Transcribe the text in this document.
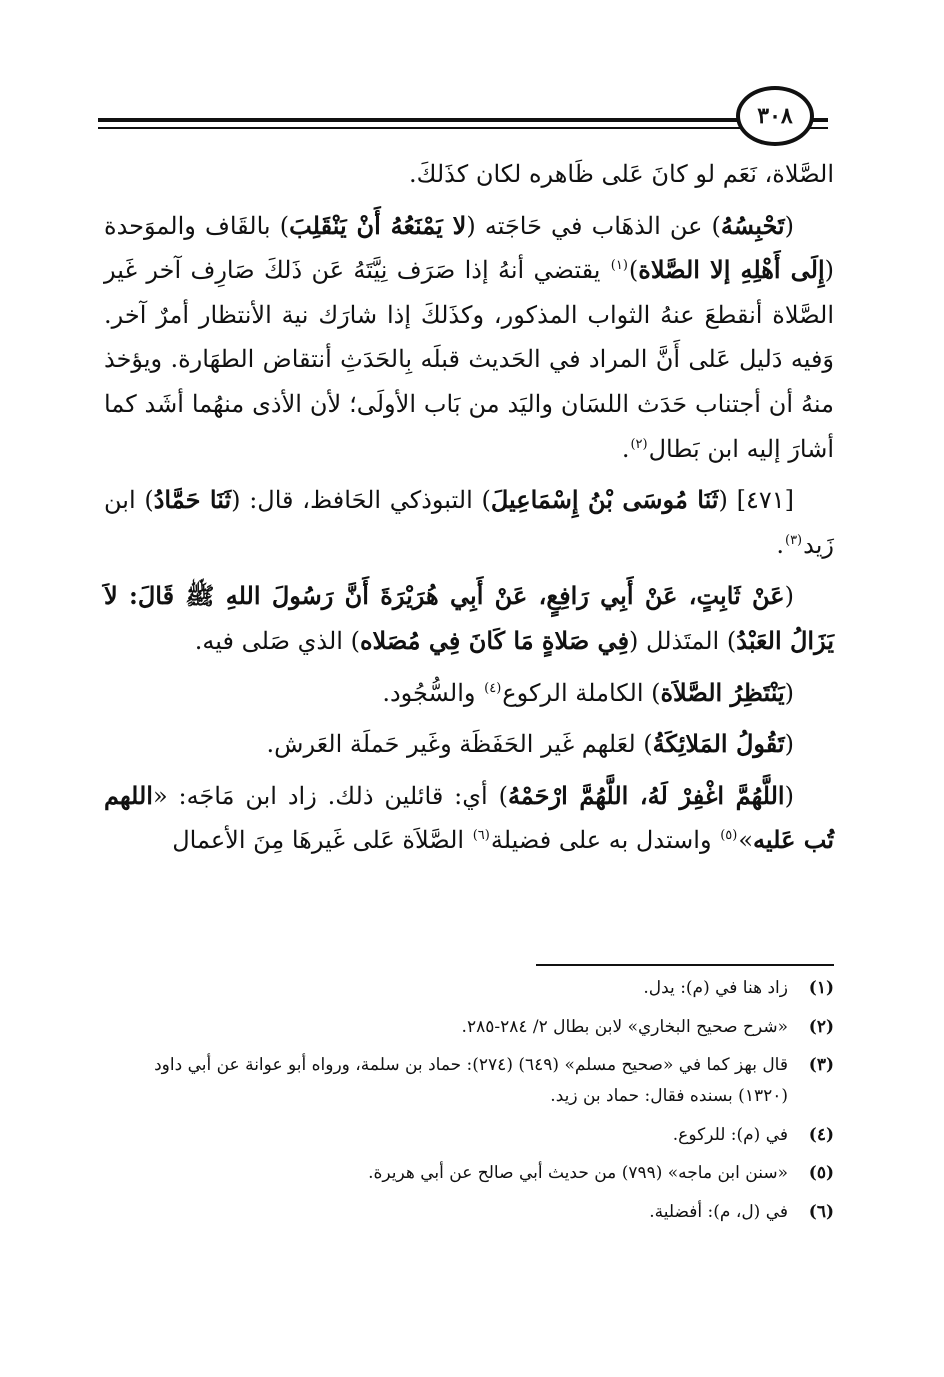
٣٠٨

الصَّلاة، نَعَم لو كانَ عَلى ظَاهره لكان كذَلكَ.

(تَحْبِسُهُ) عن الذهَاب في حَاجَته (لا يَمْنَعُهُ أَنْ يَنْقَلِبَ) بالقَاف والموَحدة (إِلَى أَهْلِهِ إلا الصَّلاة)$^{(١)}$ يقتضي أنهُ إذا صَرَف نِيَّتَهُ عَن ذَلكَ صَارِف آخر غَير الصَّلاة أنقطعَ عنهُ الثواب المذكور، وكذَلكَ إذا شارَك نية الأنتظار أمرٌ آخر. وَفيه دَليل عَلى أَنَّ المراد في الحَديث قبلَه بِالحَدَثِ أنتقاض الطهَارة. ويؤخذ منهُ أن أجتناب حَدَث اللسَان واليَد من بَاب الأولَى؛ لأن الأذى منهُما أشَد كما أشارَ إليه ابن بَطال$^{(٢)}$.

[٤٧١] (ثَنَا مُوسَى بْنُ إِسْمَاعِيلَ) التبوذكي الحَافظ، قال: (ثَنَا حَمَّادُ) ابن زَيد$^{(٣)}$.

(عَنْ ثَابِتٍ، عَنْ أَبِي رَافِعٍ، عَنْ أَبِي هُرَيْرَةَ أَنَّ رَسُولَ اللهِ ﷺ قَالَ: لاَ يَزَالُ العَبْدُ) المتَذلل (فِي صَلاةٍ مَا كَانَ فِي مُصَلاه) الذي صَلى فيه.

(يَنْتَظِرُ الصَّلاَة) الكاملة الركوع$^{(٤)}$ والسُّجُود.

(تَقُولُ المَلائِكَةُ) لعَلهم غَير الحَفَظَة وغَير حَملَة العَرش.

(اللَّهُمَّ اغْفِرْ لَهُ، اللَّهُمَّ ارْحَمْهُ) أي: قائلين ذلك. زاد ابن مَاجَه: «اللهم تُب عَليه»$^{(٥)}$ واستدل به على فضيلة$^{(٦)}$ الصَّلاَة عَلى غَيرهَا مِنَ الأعمال

(١)
زاد هنا في (م): يدل.
(٢)
«شرح صحيح البخاري» لابن بطال ٢/ ٢٨٤-٢٨٥.
(٣)
قال بهز كما في «صحيح مسلم» (٦٤٩) (٢٧٤): حماد بن سلمة، ورواه أبو عوانة عن أبي داود (١٣٢٠) بسنده فقال: حماد بن زيد.
(٤)
في (م): للركوع.
(٥)
«سنن ابن ماجه» (٧٩٩) من حديث أبي صالح عن أبي هريرة.
(٦)
في (ل، م): أفضلية.
